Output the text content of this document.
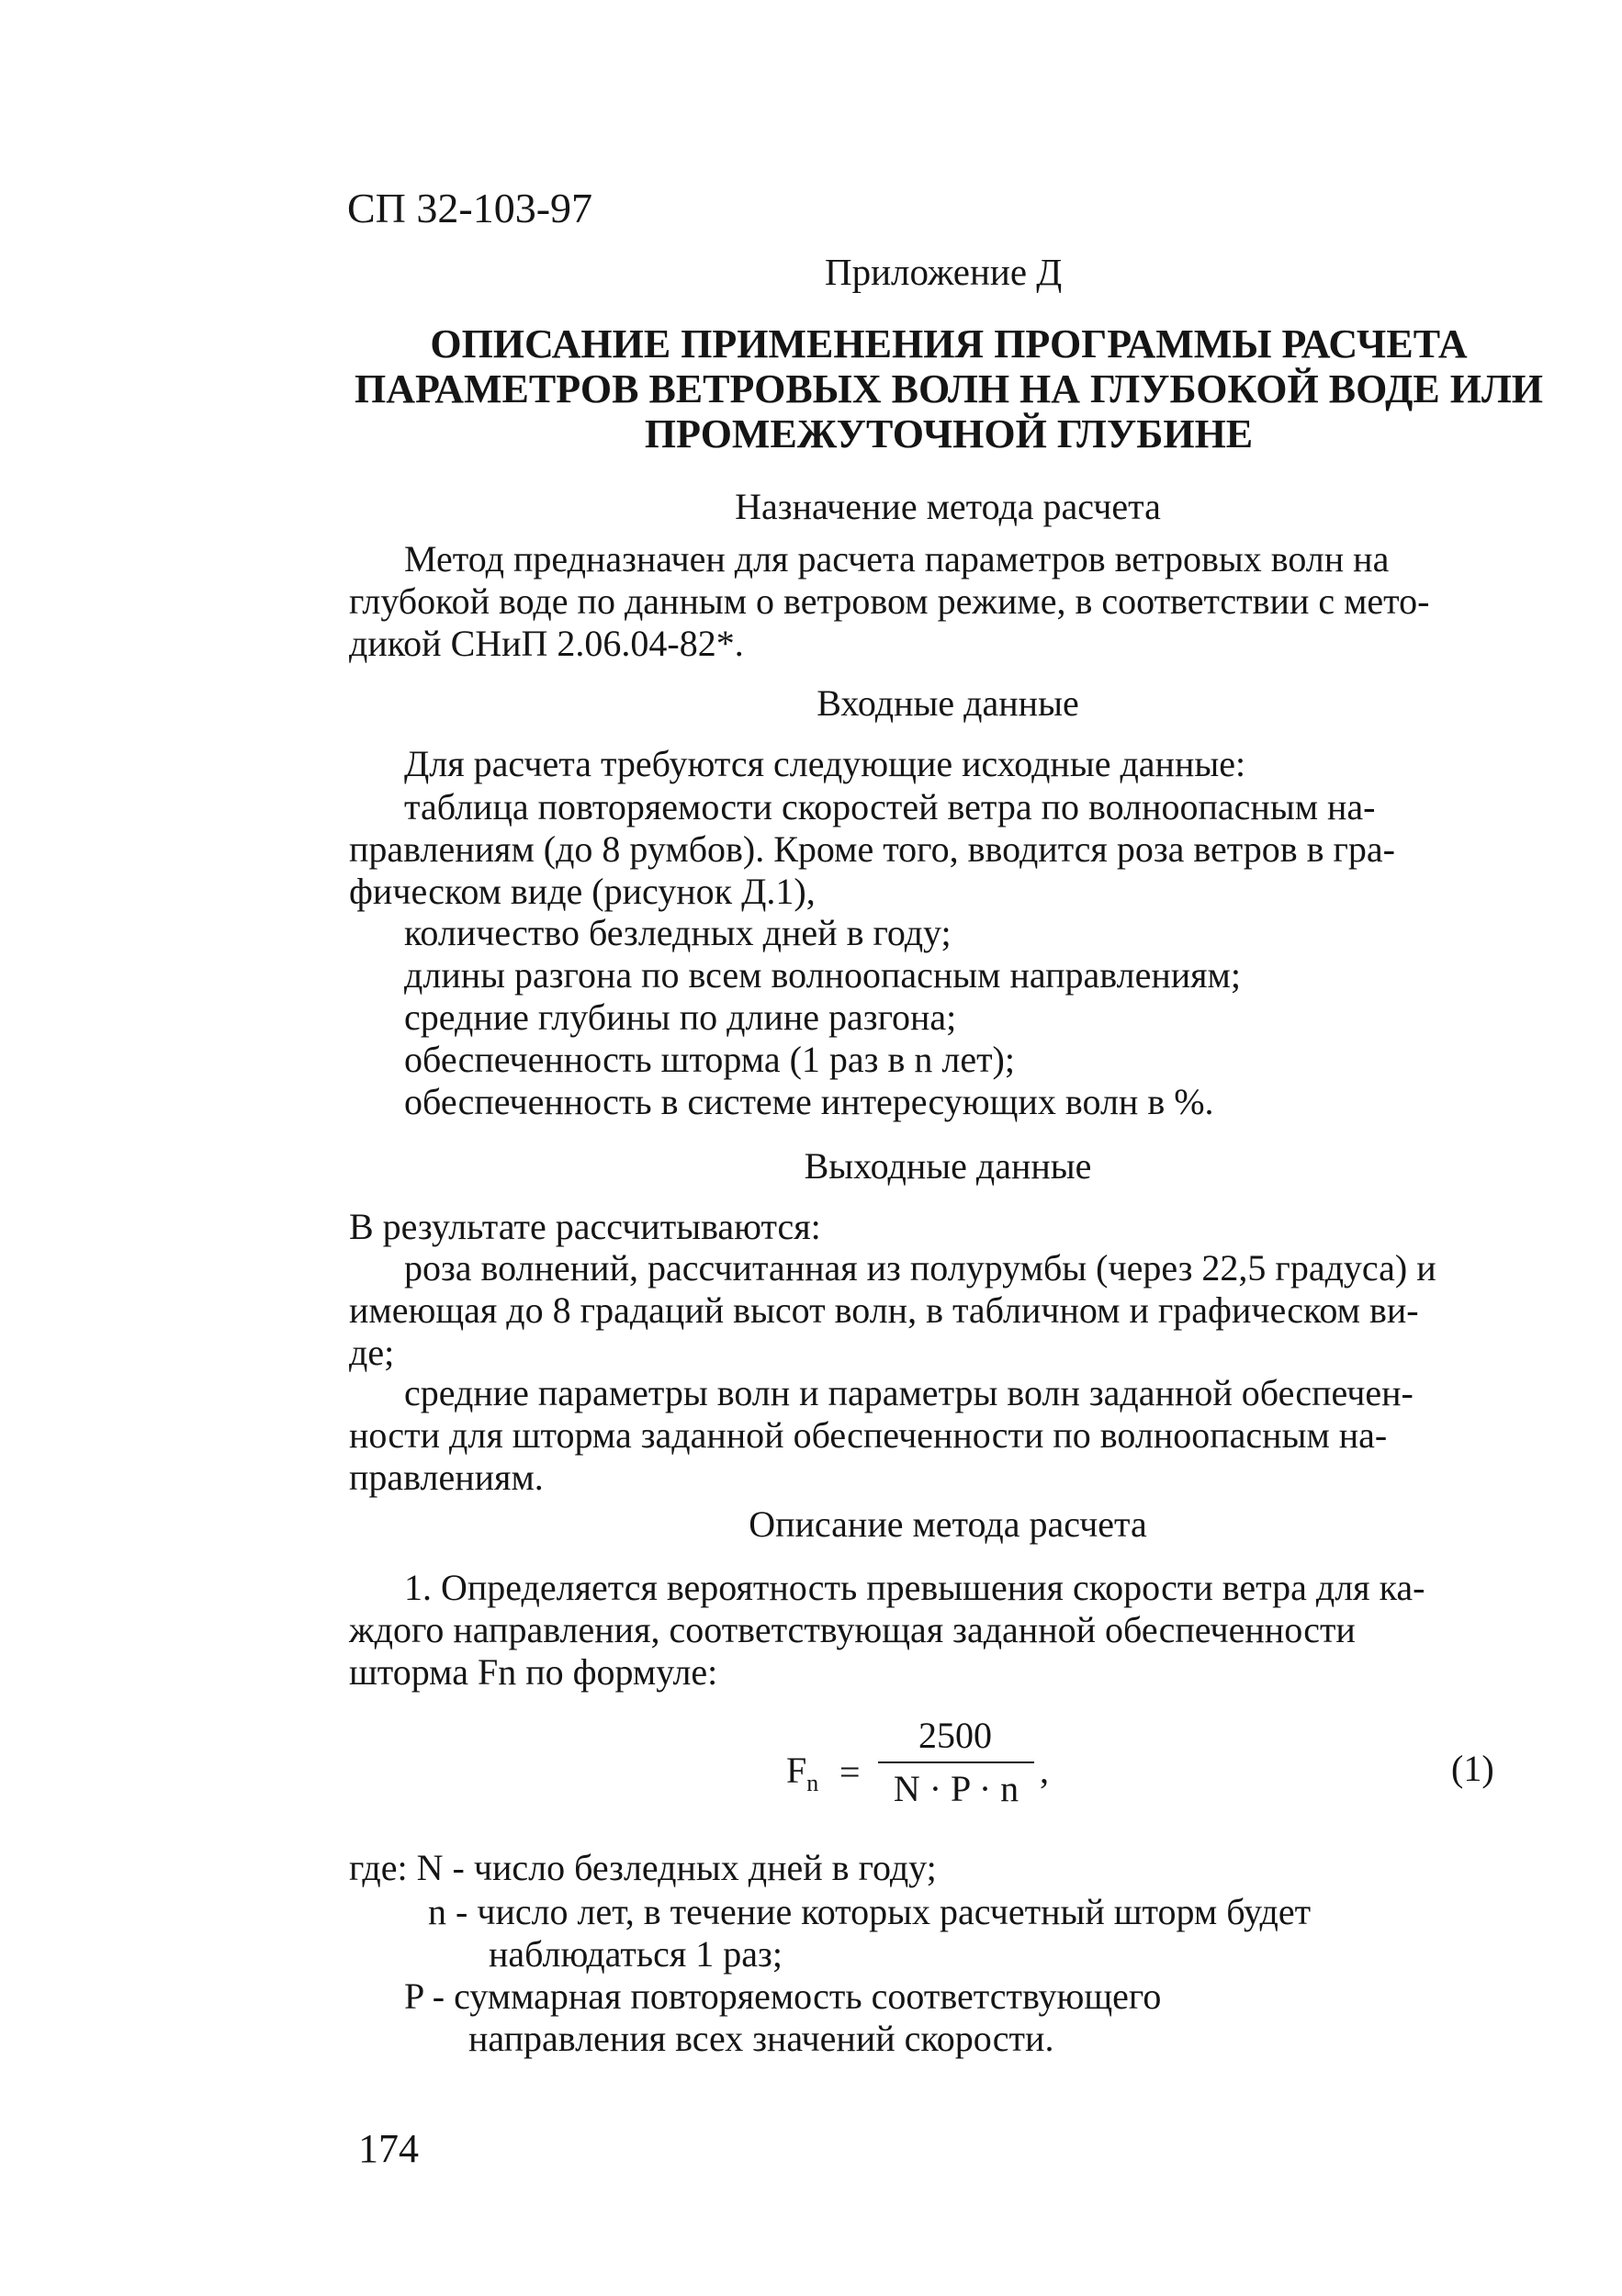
СП 32-103-97
Приложение Д
ОПИСАНИЕ ПРИМЕНЕНИЯ ПРОГРАММЫ РАСЧЕТА
ПАРАМЕТРОВ ВЕТРОВЫХ ВОЛН НА ГЛУБОКОЙ ВОДЕ ИЛИ
ПРОМЕЖУТОЧНОЙ ГЛУБИНЕ
Назначение метода расчета
Метод предназначен для расчета параметров ветровых волн на
глубокой воде по данным о ветровом режиме, в соответствии с мето-
дикой СНиП 2.06.04-82*.
Входные данные
Для расчета требуются следующие исходные данные:
таблица повторяемости скоростей ветра по волноопасным на-
правлениям (до 8 румбов). Кроме того, вводится роза ветров в гра-
фическом виде (рисунок Д.1),
количество безледных дней в году;
длины разгона по всем волноопасным направлениям;
средние глубины по длине разгона;
обеспеченность шторма (1 раз в n лет);
обеспеченность в системе интересующих волн в %.
Выходные данные
В результате рассчитываются:
роза волнений, рассчитанная из полурумбы (через 22,5 градуса) и
имеющая до 8 градаций высот волн, в табличном и графическом ви-
де;
средние параметры волн и параметры волн заданной обеспечен-
ности для шторма заданной обеспеченности по волноопасным на-
правлениям.
Описание метода расчета
1. Определяется вероятность превышения скорости ветра для ка-
ждого направления, соответствующая заданной обеспеченности
шторма Fn по формуле:
$F_n$ =
2500
N · P · n ,	(1)
где: N - число безледных дней в году;
n - число лет, в течение которых расчетный шторм будет
наблюдаться 1 раз;
P - суммарная повторяемость соответствующего
направления всех значений скорости.
174
